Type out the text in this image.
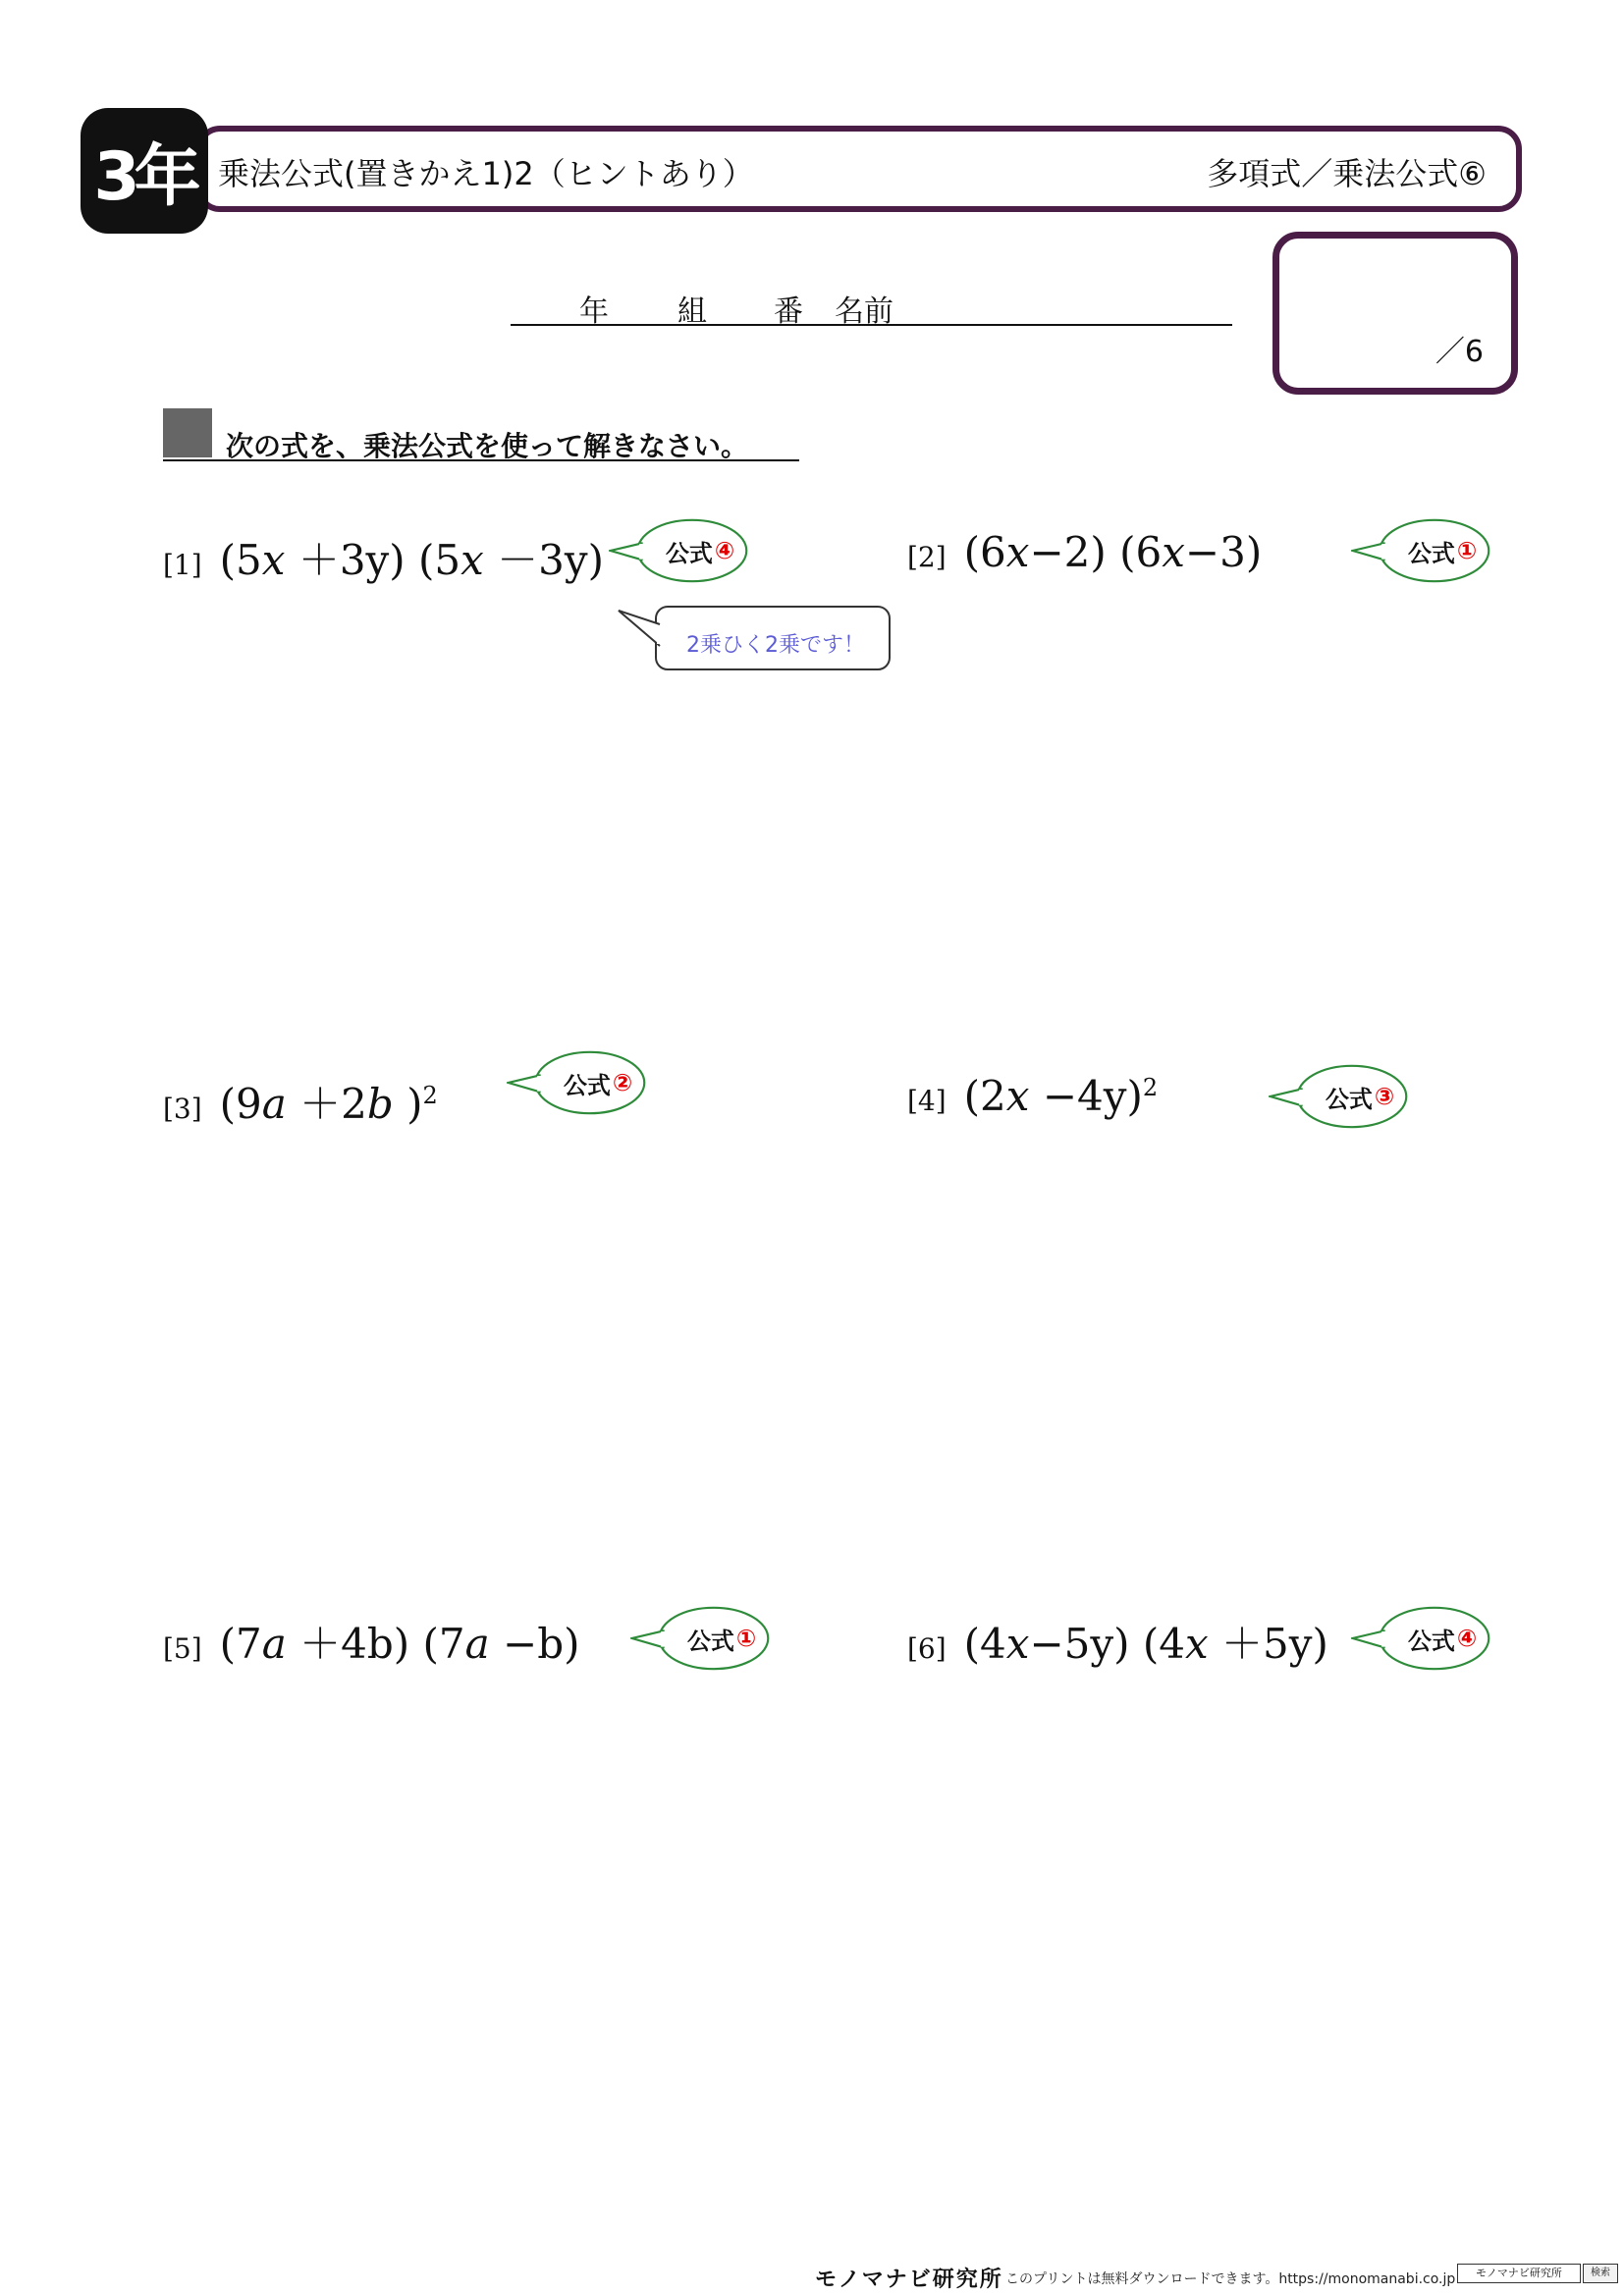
3年 乗法公式(置きかえ1)2（ヒントあり）	多項式／乗法公式⑥
年 組 番 名前
／6
次の式を、乗法公式を使って解きなさい。
[1] (5x ＋3y) (5x －3y)	公式 ④
2乗ひく2乗です！
[2] (6x−2) (6x−3)	公式 ①
[3] (9a ＋2b )$^2$	公式 ②
[4] $(2x -4y)^2$	公式 ③
[5] (7a ＋4b) (7a −b)	公式 ①	[6] (4x−5y) (4x ＋5y)	公式 ④
モノマナビ研究所 このプリントは無料ダウンロードできます。https://monomanabi.co.jp	モノマナビ研究所	検索
